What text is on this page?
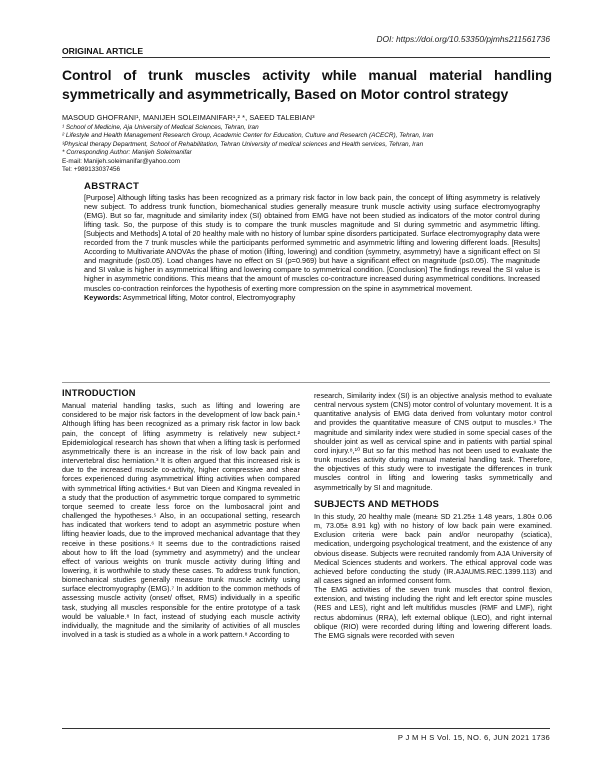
DOI: https://doi.org/10.53350/pjmhs211561736
ORIGINAL ARTICLE
Control of trunk muscles activity while manual material handling symmetrically and asymmetrically, Based on Motor control strategy
MASOUD GHOFRANI¹, MANIJEH SOLEIMANIFAR¹,² *, SAEED TALEBIAN³
¹ School of Medicine, Aja University of Medical Sciences, Tehran, Iran
² Lifestyle and Health Management Research Group, Academic Center for Education, Culture and Research (ACECR), Tehran, Iran
³Physical therapy Department, School of Rehabilitation, Tehran University of medical sciences and Health services, Tehran, Iran
* Corresponding Author: Manijeh Soleimanifar
E-mail: Manijeh.soleimanifar@yahoo.com
Tel: +989133037456
ABSTRACT

[Purpose] Although lifting tasks has been recognized as a primary risk factor in low back pain, the concept of lifting asymmetry is relatively new subject. To address trunk function, biomechanical studies generally measure trunk muscle activity using surface electromyography (EMG). But so far, magnitude and similarity index (SI) obtained from EMG have not been studied as indicators of the motor control during lifting task. So, the purpose of this study is to compare the trunk muscles magnitude and SI during symmetric and asymmetric lifting. [Subjects and Methods] A total of 20 healthy male with no history of lumbar spine disorders participated. Surface electromyography data were recorded from the 7 trunk muscles while the participants performed symmetric and asymmetric lifting and lowering different loads. [Results] According to Multivariate ANOVAs the phase of motion (lifting, lowering) and condition (symmetry, asymmetry) have a significant effect on SI and magnitude (p≤0.05). Load changes have no effect on SI (p=0.969) but have a significant effect on magnitude (p≤0.05). The magnitude and SI value is higher in asymmetrical lifting and lowering compare to symmetrical condition. [Conclusion] The findings reveal the SI value is higher in asymmetric conditions. This means that the amount of muscles co-contracture increased during asymmetrical conditions. Increased muscles co-contraction reinforces the hypothesis of exerting more compression on the spine in asymmetrical movement.

Keywords: Asymmetrical lifting, Motor control, Electromyography

INTRODUCTION

Manual material handling tasks, such as lifting and lowering are considered to be major risk factors in the development of low back pain.¹ Although lifting has been recognized as a primary risk factor in low back pain, the concept of lifting asymmetry is relatively new subject.² Epidemiological research has shown that when a lifting task is performed asymmetrically there is an increase in the risk of low back pain and intervertebral disc herniation.³ It is often argued that this increased risk is due to the increased muscle co-activity, higher compressive and shear forces experienced during asymmetrical lifting activities when compared with symmetrical lifting activities.⁴ But van Dieen and Kingma revealed in a study that the production of asymmetric torque compared to symmetric torque seemed to create less force on the lumbosacral joint and challenged the hypotheses.⁵ Also, in an occupational setting, research has indicated that workers tend to adopt an asymmetric posture when lifting heavier loads, due to the improved mechanical advantage that they receive in these positions.⁶ It seems due to the contradictions raised about how to lift the load (symmetry and asymmetry) and the unclear effect of various weights on trunk muscle activity during lifting and lowering, it is worthwhile to study these cases. To address trunk function, biomechanical studies generally measure trunk muscle activity using surface electromyography (EMG).⁷ In addition to the common methods of assessing muscle activity (onset/ offset, RMS) individually in a specific task, studying all muscles responsible for the entire prototype of a task would be valuable.⁸ In fact, instead of studying each muscle activity individually, the magnitude and the similarity of activities of all muscles involved in a task is studied as a whole in a work pattern.⁸ According to

research, Similarity index (SI) is an objective analysis method to evaluate central nervous system (CNS) motor control of voluntary movement. It is a quantitative analysis of EMG data derived from voluntary motor control and provides the quantitative measure of CNS output to muscles.⁹ The magnitude and similarity index were studied in some special cases of the shoulder joint as well as cervical spine and in patients with partial spinal cord injury.⁸,¹⁰ But so far this method has not been used to evaluate the trunk muscles activity during manual material handling task. Therefore, the objectives of this study were to investigate the differences in trunk muscles control in lifting and lowering tasks symmetrically and asymmetrically by SI and magnitude.

SUBJECTS AND METHODS

In this study, 20 healthy male (mean± SD 21.25± 1.48 years, 1.80± 0.06 m, 73.05± 8.91 kg) with no history of low back pain were examined. Exclusion criteria were back pain and/or neuropathy (sciatica), medication, undergoing psychological treatment, and the existence of any obvious disease. Subjects were recruited randomly from AJA University of Medical Sciences students and workers. The ethical approval code was achieved before conducting the study (IR.AJAUMS.REC.1399.113) and all cases signed an informed consent form.

The EMG activities of the seven trunk muscles that control flexion, extension, and twisting including the right and left erector spine muscles (RES and LES), right and left multifidus muscles (RMF and LMF), right rectus abdominus (RRA), left external oblique (LEO), and right internal oblique (RIO) were recorded during lifting and lowering different loads. The EMG signals were recorded with seven

P J M H S Vol. 15, NO. 6, JUN 2021 1736
